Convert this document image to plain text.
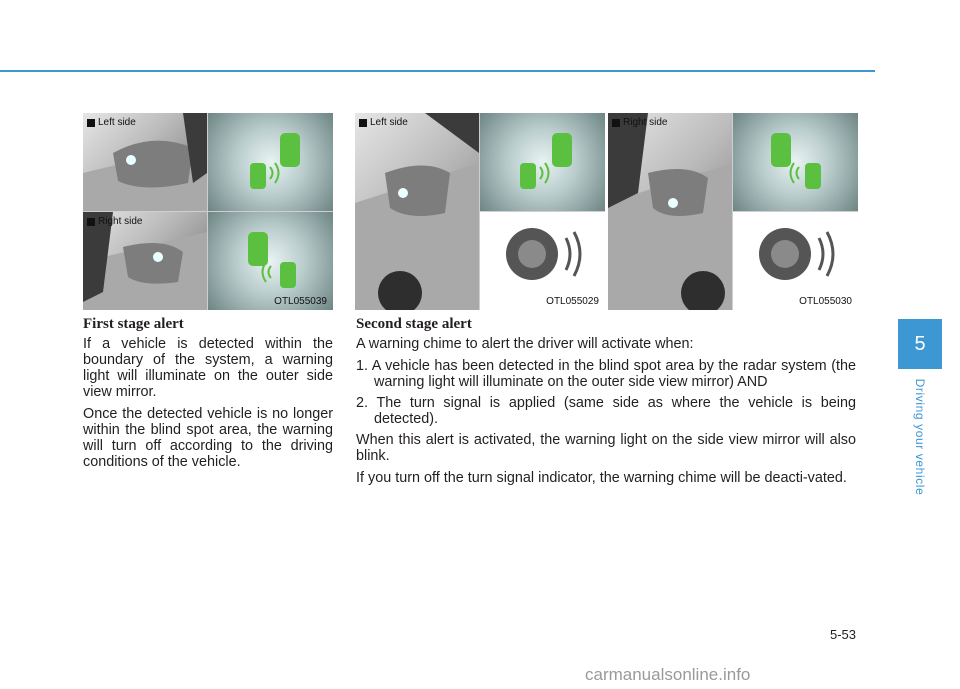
5
Driving your vehicle
Left side
Right side
OTL055039
Left side
OTL055029
Right side
OTL055030

First stage alert

If a vehicle is detected within the boundary of the system, a warning light will illuminate on the outer side view mirror.

Once the detected vehicle is no longer within the blind spot area, the warning will turn off according to the driving conditions of the vehicle.

Second stage alert

A warning chime to alert the driver will activate when:

1. A vehicle has been detected in the blind spot area by the radar system (the warning light will illuminate on the outer side view mirror) AND

2. The turn signal is applied (same side as where the vehicle is being detected).

When this alert is activated, the warning light on the side view mirror will also blink.

If you turn off the turn signal indicator, the warning chime will be deacti-vated.

5-53
carmanualsonline.info
